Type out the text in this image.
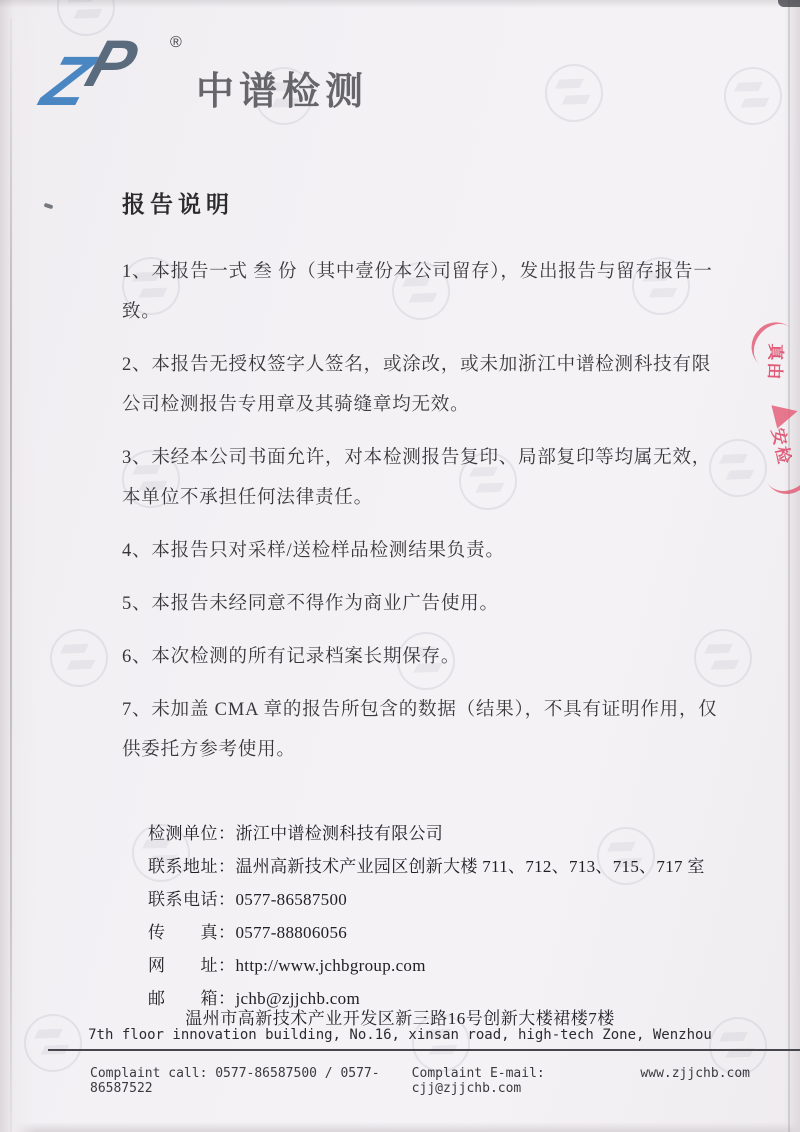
P
Z	®
中谱检测
报告说明

1、本报告一式 叁 份（其中壹份本公司留存），发出报告与留存报告一致。

2、本报告无授权签字人签名，或涂改，或未加浙江中谱检测科技有限公司检测报告专用章及其骑缝章均无效。

3、未经本公司书面允许，对本检测报告复印、局部复印等均属无效，本单位不承担任何法律责任。

4、本报告只对采样/送检样品检测结果负责。

5、本报告未经同意不得作为商业广告使用。

6、本次检测的所有记录档案长期保存。

7、未加盖 CMA 章的报告所包含的数据（结果），不具有证明作用，仅供委托方参考使用。

检测单位：浙江中谱检测科技有限公司
联系地址：温州高新技术产业园区创新大楼 711、712、713、715、717 室
联系电话：0577-86587500
传　　真：0577-88806056
网　　址：http://www.jchbgroup.com
邮　　箱：jchb@zjjchb.com
温州市高新技术产业开发区新三路16号创新大楼裙楼7楼
7th floor innovation building, No.16, xinsan road, high-tech Zone, Wenzhou
Complaint call: 0577-86587500 / 0577-86587522
Complaint E-mail: cjj@zjjchb.com
www.zjjchb.com
真由
安检
